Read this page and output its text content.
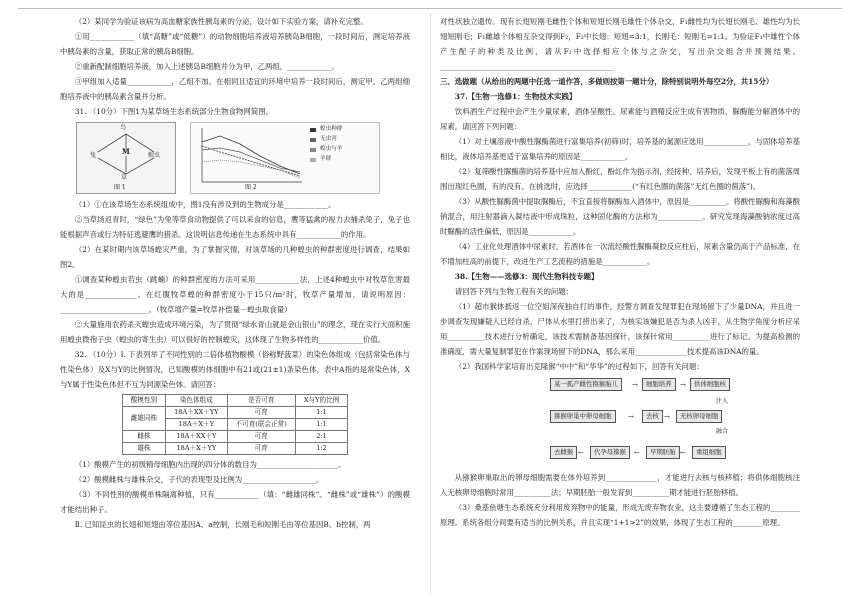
（2）某同学为验证该病为高血糖家族性胰岛素的分泌，设计如下实验方案，请补充完整。

①用____________（填“高糖”或“低糖”）的动物细胞培养液培养胰岛B细胞，一段时间后，测定培养液中胰岛素的含量，获取正常的胰岛B细胞。

②重新配制细胞培养液，加入上述胰岛B细胞并分为甲，乙两组，____________。

③甲组加入适量____________，乙组不加。在相同且适宜的环境中培养一段时间后，测定甲、乙两组细胞培养液中的胰岛素含量并分析。

31. （10分）下图1为某草场生态系统部分生物食物网简图。

鸟
M
兔
草
蝗虫
图 1
蝗虫种群
无虫害
蝗虫与羊
羊群
图 2

（1）①在该草场生态系统组成中，图1没有涉及到的生物成分是____________。

②当草场返青时，“绿色”为兔等草食动物提供了可以采食的信息，鹰等猛禽的视力去捕杀兔子，兔子也能根据声音或行为特征逃避鹰的猎杀。这说明信息传递在生态系统中具有____________的作用。

（2）在某时期内该草场蝗灾严重，为了掌握灾情，对该草场的几种蝗虫的种群密度进行调查，结果如图2。

①调查某种蝗虫若虫（跳蝻）的种群密度的方法可采用____________法，上述4种蝗虫中对牧草危害最大的是______________。在红腹牧草蝗的种群密度小于15只/m²时，牧草产量增加，请说明原因：________________________。（牧草增产量=牧草补偿量－蝗虫取食量）

②大量施用农药杀灭蝗虫造成环境污染，为了贯彻“绿水青山就是金山银山”的理念，现在实行大面积施用蝗虫微孢子虫（蝗虫的寄生虫）可以很好的控制蝗灾，这体现了生物多样性的____________价值。

32. （10分）I. 下表列举了不同性别的二倍体植物酸模（俗称野菠菜）的染色体组成（包括常染色体与性染色体）及X与Y的比例情况，已知酸模的体细胞中有21或(21±1)条染色体，表中A指的是常染色体，X与Y属于性染色体但不互为同源染色体。请回答：

酸模性别	染色体组成	是否可育	X与Y的比例
雌雄同株	18A＋XX＋YY	可育	1:1
	18A＋X＋Y	不可育(联会正常)	1:1
雌株	18A＋XX＋Y	可育	2:1
雄株	18A＋X＋YY	可育	1:2

（1）酸模产生的初级精母细胞内出现的四分体的数目为______________________。

（2）酸模雌株与雄株杂交，子代的表现型及比例为____________________。

（3）不同性别的酸模单株隔离种植，只有____________（填：“雌雄同株”、“雌株”或“雄株”）的酸模才能结出种子。

Ⅱ. 已知昆虫的长翅和短翅由等位基因A、a控制，长刚毛和短刚毛由等位基因B、b控制，两

对性状独立遗传。现有长翅短刚毛雌性个体和短翅长刚毛雄性个体杂交，F₁雌性均为长翅长刚毛、雄性均为长翅短刚毛；F₁雌雄个体相互杂交得到F₂，F₂中长翅：短翅=3:1，长刚毛：短刚毛=1:1。为验证F₁中雄性个体产生配子的种类及比例，请从F₂中选择相应个体与之杂交，写出杂交组合并预测结果。_______________________________________________

三、选做题（从给出的两题中任选一道作答，多做则按第一题计分，除特别说明外每空2分，共15分）

37.【生物一选修1：生物技术实践】

饮料酒生产过程中会产生少量尿素，酒体呈酸性。尿素能与酒精反应生成有害物质，脲酶能分解酒体中的尿素。请回答下列问题：

（1）对土壤溶液中酸性脲酶菌进行富集培养(初筛)时，培养基的氮源应选用____________，与固体培养基相比，液体培养基更适于富集培养的原因是____________。

（2）复筛酸性脲酶菌的培养基中应加入酚红，酚红作为指示剂，经接种、培养后，发现平板上有的菌落周围出现红色圈，有的没有。在挑选时，应选择____________(“有红色圈的菌落”无红色圈的菌落”)。

（3）从酸性脲酶菌中提取脲酶后，不宜直接将脲酶加入酒体中，原因是__________。将酸性脲酶和海藻酸钠混合，用注射器滴入凝结液中形成珠粒，这种固化酶的方法称为____________。研究发现海藻酸钠浓度过高时脲酶的活性偏低，原因是____________。

（4）工业化处理酒体中尿素时，若酒体在一次流经酸性脲酶凝胶反应柱后，尿素含量仍高于产品标准，在不增加柱高的前提下，改进生产工艺流程的措施是____________。

38.【生物——选修3：现代生物科技专题】

请回答下列与生物工程有关的问题：

（1）超市猴体抵返一位空姐深夜独自打的事件，经警方调查发现罪犯在现场留下了少量DNA，并且进一步调查发现嫌疑人已经自杀，尸体从水里打捞出来了，为核实该嫌犯是否为杀人凶手，从生物学角度分析应采用__________技术进行分析确定，该技术需制备基因探针，该探针常用__________进行了标记。为提高检测的准确度，需大量复制罪犯在作案现场留下的DNA，那么采用______________技术提高该DNA的量。

（2）我国科学家培育出克隆猴“中中”和“华华”的过程如下，回答有关问题：

某一孤产雌性猕猴胎儿	→	细胞培养	→	供体细胞核
注入
猕猴卵巢中卵母细胞	→	去核 →	无核卵母细胞
融合
去雌猴 ←	代孕母猕猴	←	早期胚胎 ←	重组细胞

从猕猴卵巢取出的卵母细胞需要在体外培养到______________，才能进行去核与核移植；将供体细胞核注入无核卵母细胞时常用__________法；早期胚胎一般发育到__________期才能进行胚胎移植。

（3）桑基鱼塘生态系统充分利用废弃物中的能量，形成无废弃物农业，这主要遵循了生态工程的________原理。系统各组分间要有适当的比例关系，并且实现“1+1>2”的效果，体现了生态工程的________原理。
